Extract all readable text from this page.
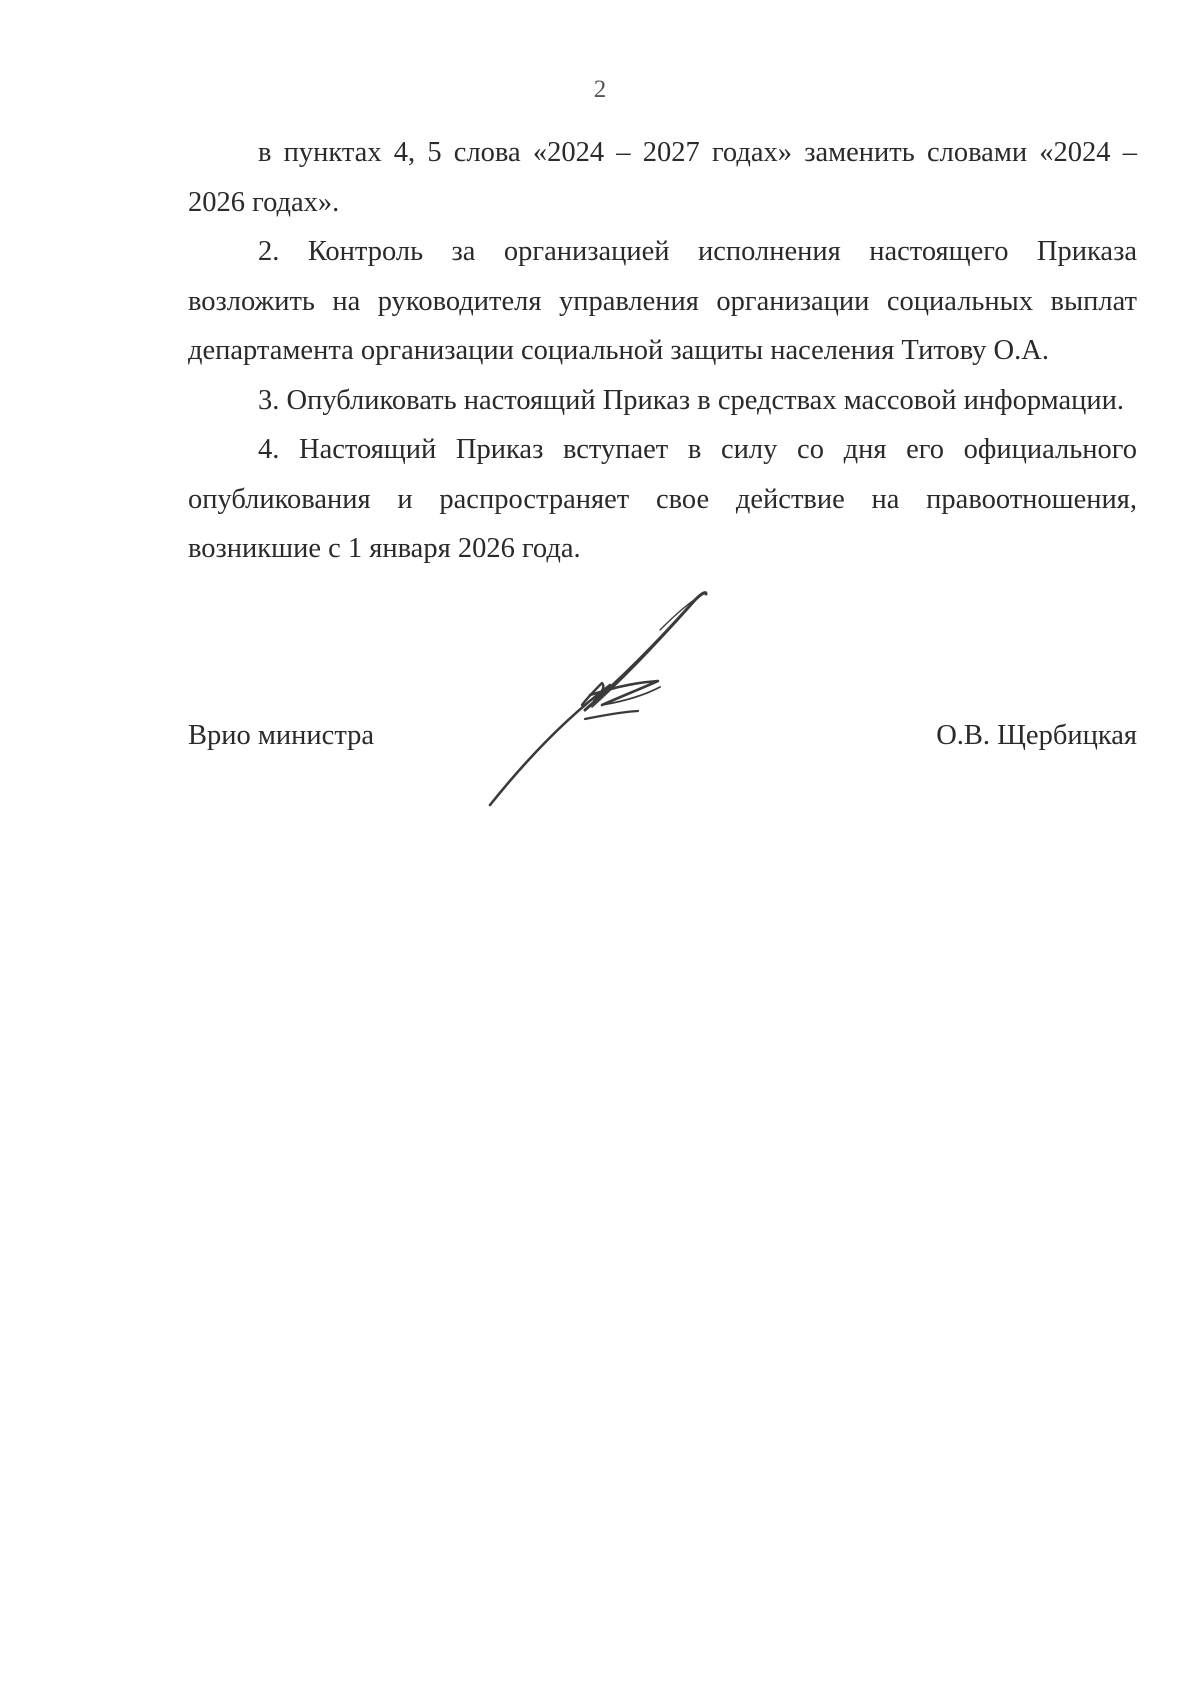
2

в пунктах 4, 5 слова «2024 – 2027 годах» заменить словами «2024 – 2026 годах».

2. Контроль за организацией исполнения настоящего Приказа возложить на руководителя управления организации социальных выплат департамента организации социальной защиты населения Титову О.А.

3. Опубликовать настоящий Приказ в средствах массовой информации.

4. Настоящий Приказ вступает в силу со дня его официального опубликования и распространяет свое действие на правоотношения, возникшие с 1 января 2026 года.

Врио министра	О.В. Щербицкая
